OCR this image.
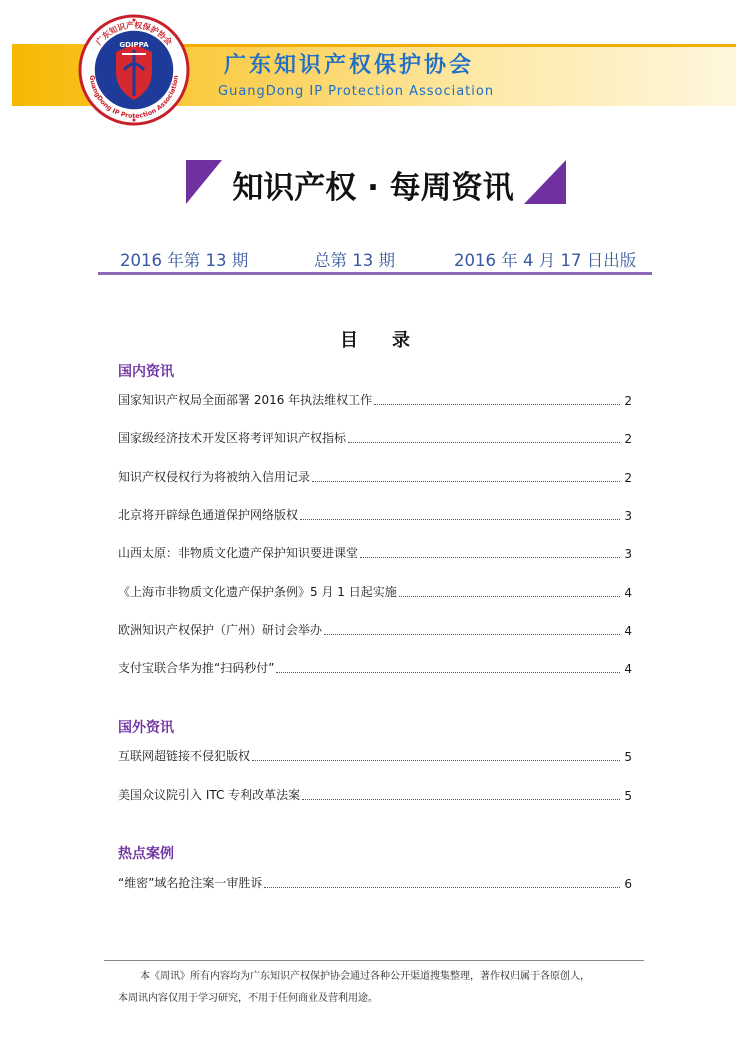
广东知识产权保护协会
GuangDong IP Protection Association
GDIPPA
广东知识产权保护协会
GuangDong IP Protection Association
知识产权 · 每周资讯
2016 年第 13 期	总第 13 期	2016 年 4 月 17 日出版
目录
国内资讯
国家知识产权局全面部署 2016 年执法维权工作	2
国家级经济技术开发区将考评知识产权指标	2
知识产权侵权行为将被纳入信用记录	2
北京将开辟绿色通道保护网络版权	3
山西太原：非物质文化遗产保护知识要进课堂	3
《上海市非物质文化遗产保护条例》5 月 1 日起实施	4
欧洲知识产权保护（广州）研讨会举办	4
支付宝联合华为推“扫码秒付”	4
国外资讯
互联网超链接不侵犯版权	5
美国众议院引入 ITC 专利改革法案	5
热点案例
“维密”域名抢注案一审胜诉	6
本《周讯》所有内容均为广东知识产权保护协会通过各种公开渠道搜集整理，著作权归属于各原创人，
本周讯内容仅用于学习研究，不用于任何商业及营利用途。
